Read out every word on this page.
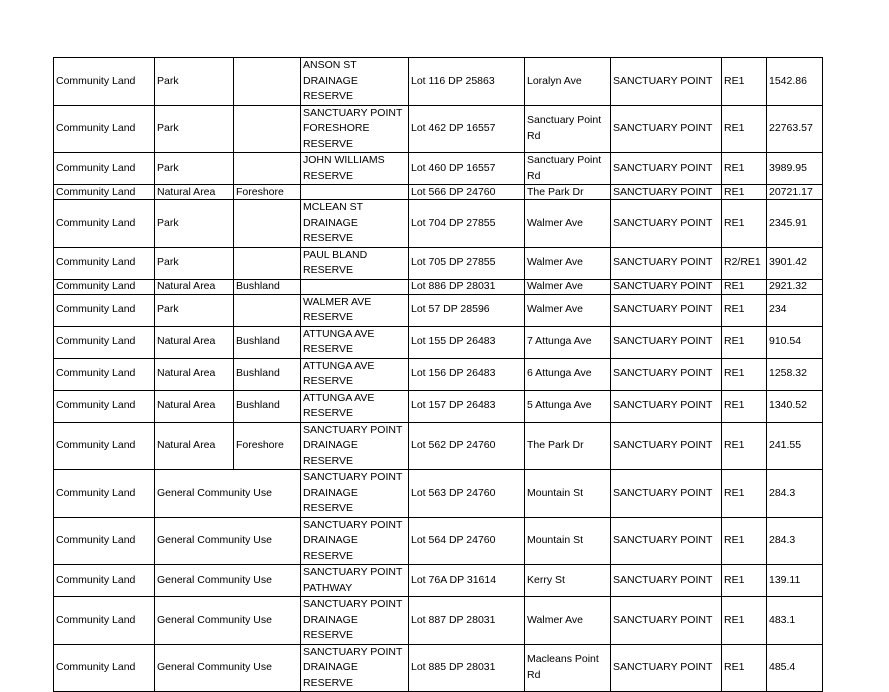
Community Land	Park		ANSON ST DRAINAGE RESERVE	Lot 116 DP 25863	Loralyn Ave	SANCTUARY POINT	RE1	1542.86
Community Land	Park		SANCTUARY POINT FORESHORE RESERVE	Lot 462 DP 16557	Sanctuary Point Rd	SANCTUARY POINT	RE1	22763.57
Community Land	Park		JOHN WILLIAMS RESERVE	Lot 460 DP 16557	Sanctuary Point Rd	SANCTUARY POINT	RE1	3989.95
Community Land	Natural Area	Foreshore		Lot 566 DP 24760	The Park Dr	SANCTUARY POINT	RE1	20721.17
Community Land	Park		MCLEAN ST DRAINAGE RESERVE	Lot 704 DP 27855	Walmer Ave	SANCTUARY POINT	RE1	2345.91
Community Land	Park		PAUL BLAND RESERVE	Lot 705 DP 27855	Walmer Ave	SANCTUARY POINT	R2/RE1	3901.42
Community Land	Natural Area	Bushland		Lot 886 DP 28031	Walmer Ave	SANCTUARY POINT	RE1	2921.32
Community Land	Park		WALMER AVE RESERVE	Lot 57 DP 28596	Walmer Ave	SANCTUARY POINT	RE1	234
Community Land	Natural Area	Bushland	ATTUNGA AVE RESERVE	Lot 155 DP 26483	7 Attunga Ave	SANCTUARY POINT	RE1	910.54
Community Land	Natural Area	Bushland	ATTUNGA AVE RESERVE	Lot 156 DP 26483	6 Attunga Ave	SANCTUARY POINT	RE1	1258.32
Community Land	Natural Area	Bushland	ATTUNGA AVE RESERVE	Lot 157 DP 26483	5 Attunga Ave	SANCTUARY POINT	RE1	1340.52
Community Land	Natural Area	Foreshore	SANCTUARY POINT DRAINAGE RESERVE	Lot 562 DP 24760	The Park Dr	SANCTUARY POINT	RE1	241.55
Community Land	General Community Use		SANCTUARY POINT DRAINAGE RESERVE	Lot 563 DP 24760	Mountain St	SANCTUARY POINT	RE1	284.3
Community Land	General Community Use		SANCTUARY POINT DRAINAGE RESERVE	Lot 564 DP 24760	Mountain St	SANCTUARY POINT	RE1	284.3
Community Land	General Community Use		SANCTUARY POINT PATHWAY	Lot 76A DP 31614	Kerry St	SANCTUARY POINT	RE1	139.11
Community Land	General Community Use		SANCTUARY POINT DRAINAGE RESERVE	Lot 887 DP 28031	Walmer Ave	SANCTUARY POINT	RE1	483.1
Community Land	General Community Use		SANCTUARY POINT DRAINAGE RESERVE	Lot 885 DP 28031	Macleans Point Rd	SANCTUARY POINT	RE1	485.4
